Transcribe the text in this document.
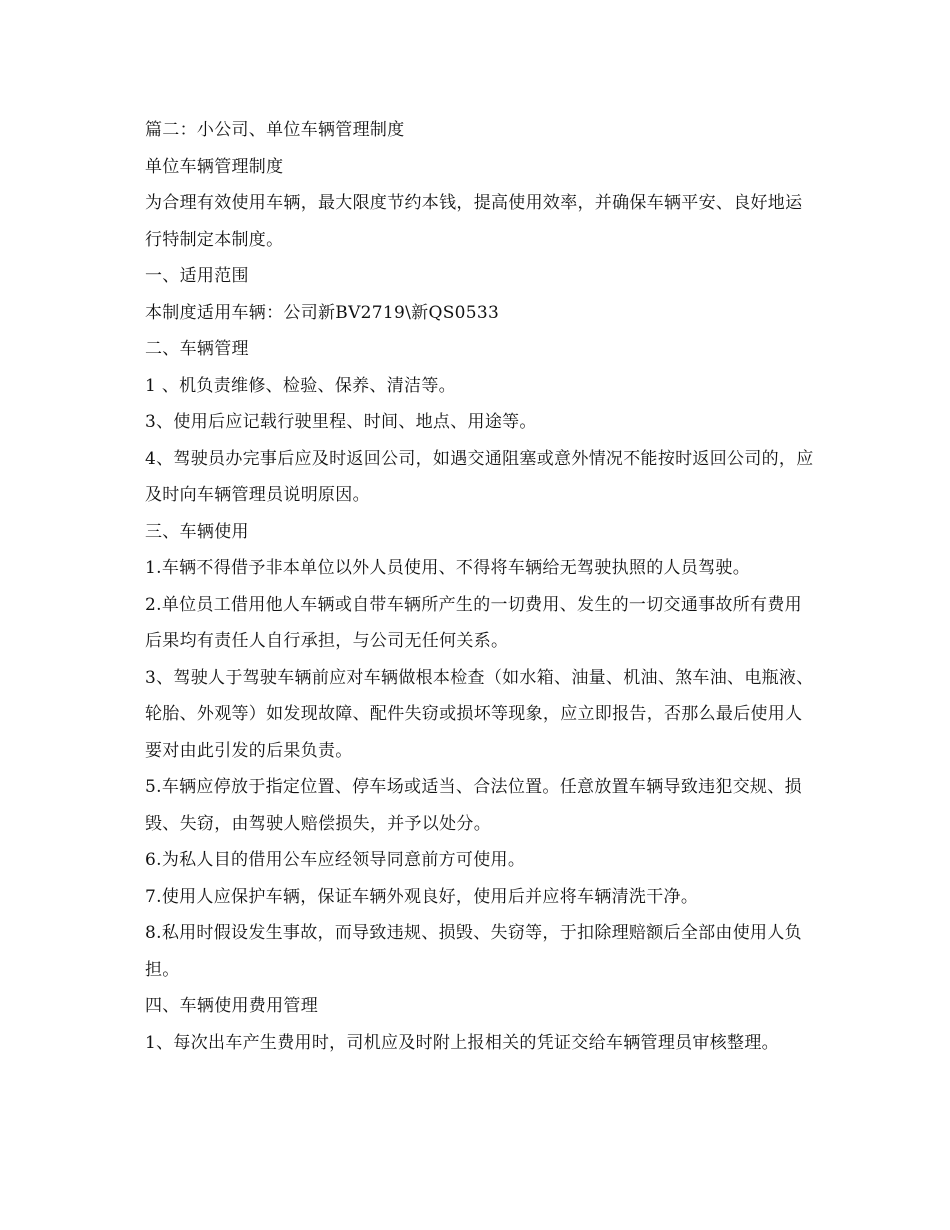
篇二：小公司、单位车辆管理制度

单位车辆管理制度

为合理有效使用车辆，最大限度节约本钱，提高使用效率，并确保车辆平安、良好地运行特制定本制度。

一、适用范围

本制度适用车辆：公司新BV2719\新QS0533

二、车辆管理

1 、机负责维修、检验、保养、清洁等。

3、使用后应记载行驶里程、时间、地点、用途等。

4、驾驶员办完事后应及时返回公司，如遇交通阻塞或意外情况不能按时返回公司的，应及时向车辆管理员说明原因。

三、车辆使用

1.车辆不得借予非本单位以外人员使用、不得将车辆给无驾驶执照的人员驾驶。

2.单位员工借用他人车辆或自带车辆所产生的一切费用、发生的一切交通事故所有费用后果均有责任人自行承担，与公司无任何关系。

3、驾驶人于驾驶车辆前应对车辆做根本检查（如水箱、油量、机油、煞车油、电瓶液、轮胎、外观等）如发现故障、配件失窃或损坏等现象，应立即报告，否那么最后使用人要对由此引发的后果负责。

5.车辆应停放于指定位置、停车场或适当、合法位置。任意放置车辆导致违犯交规、损毁、失窃，由驾驶人赔偿损失，并予以处分。

6.为私人目的借用公车应经领导同意前方可使用。

7.使用人应保护车辆，保证车辆外观良好，使用后并应将车辆清洗干净。

8.私用时假设发生事故，而导致违规、损毁、失窃等，于扣除理赔额后全部由使用人负担。

四、车辆使用费用管理

1、每次出车产生费用时，司机应及时附上报相关的凭证交给车辆管理员审核整理。
